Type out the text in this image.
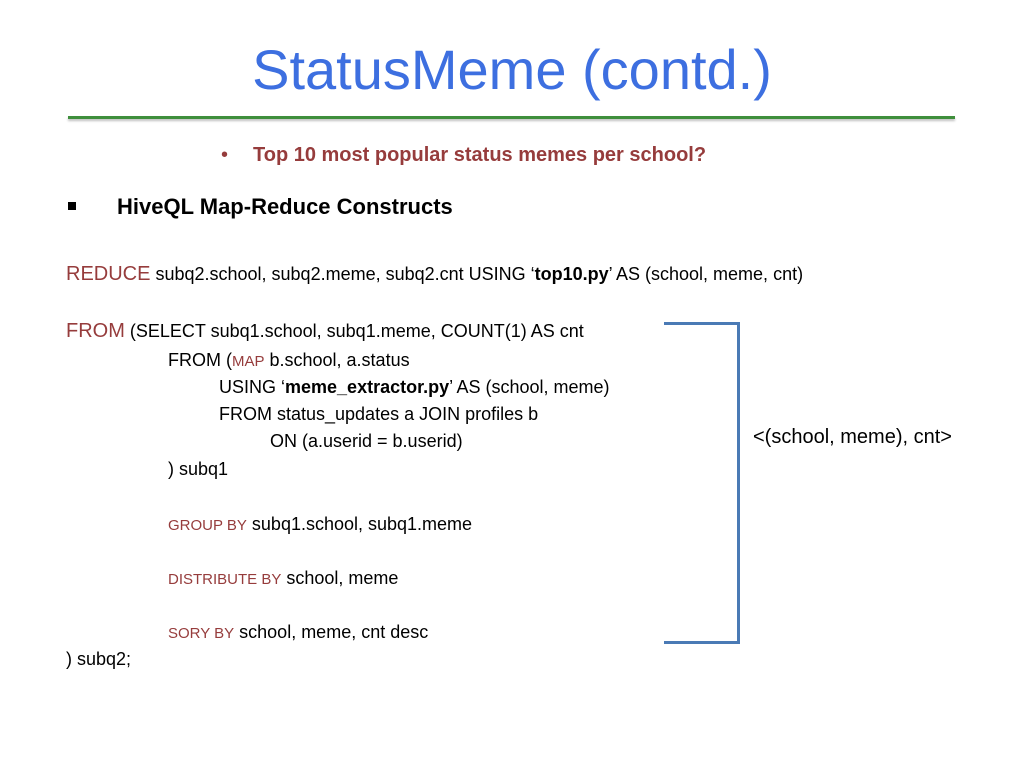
StatusMeme (contd.)
• Top 10 most popular status memes per school?
HiveQL Map-Reduce Constructs
REDUCE subq2.school, subq2.meme, subq2.cnt USING ‘top10.py’ AS (school, meme, cnt)
FROM (SELECT subq1.school, subq1.meme, COUNT(1) AS cnt
FROM (MAP b.school, a.status
USING ‘meme_extractor.py’ AS (school, meme)
FROM status_updates a JOIN profiles b
ON (a.userid = b.userid)
) subq1
GROUP BY subq1.school, subq1.meme
DISTRIBUTE BY school, meme
SORY BY school, meme, cnt desc
) subq2;
<(school, meme), cnt>
